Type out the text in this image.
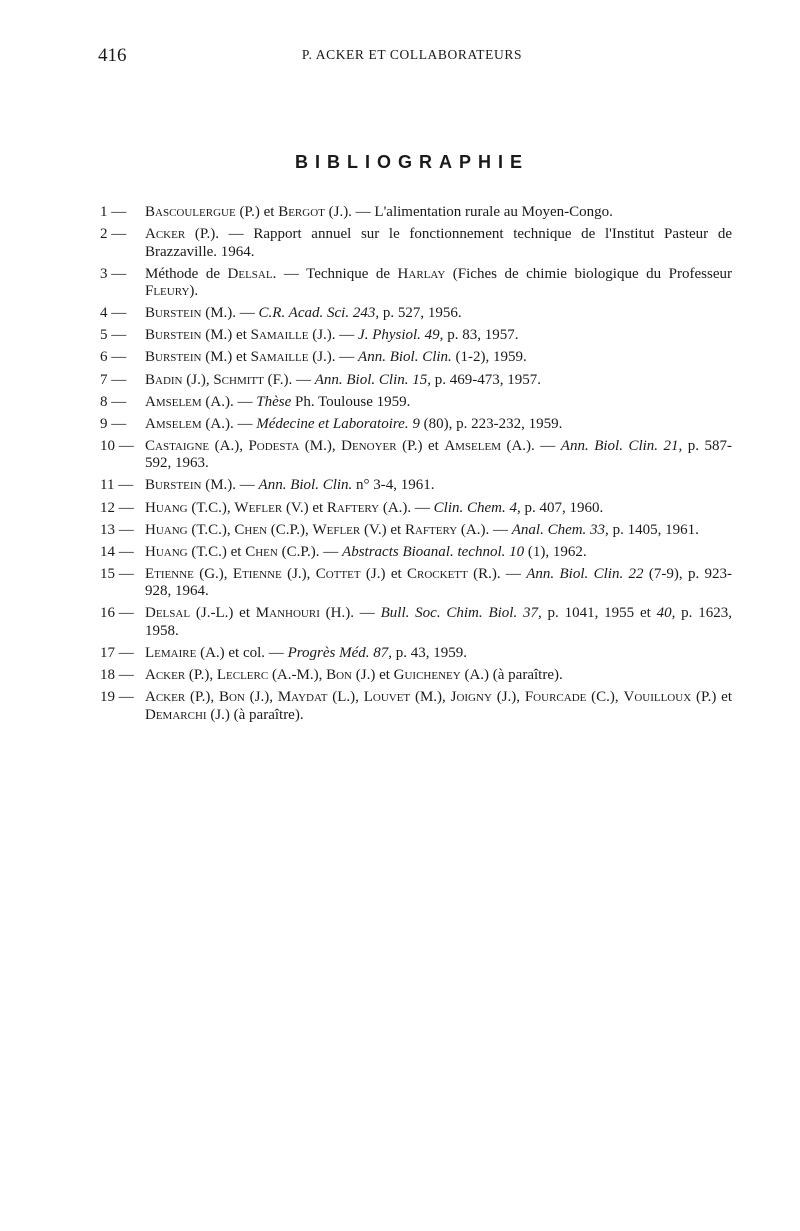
416	P. ACKER ET COLLABORATEURS
BIBLIOGRAPHIE
1 —	Bascoulergue (P.) et Bergot (J.). — L'alimentation rurale au Moyen-Congo.
2 —	Acker (P.). — Rapport annuel sur le fonctionnement technique de l'Institut Pasteur de Brazzaville. 1964.
3 —	Méthode de Delsal. — Technique de Harlay (Fiches de chimie biologique du Professeur Fleury).
4 —	Burstein (M.). — C.R. Acad. Sci. 243, p. 527, 1956.
5 —	Burstein (M.) et Samaille (J.). — J. Physiol. 49, p. 83, 1957.
6 —	Burstein (M.) et Samaille (J.). — Ann. Biol. Clin. (1-2), 1959.
7 —	Badin (J.), Schmitt (F.). — Ann. Biol. Clin. 15, p. 469-473, 1957.
8 —	Amselem (A.). — Thèse Ph. Toulouse 1959.
9 —	Amselem (A.). — Médecine et Laboratoire. 9 (80), p. 223-232, 1959.
10 — Castaigne (A.), Podesta (M.), Denoyer (P.) et Amselem (A.). — Ann. Biol. Clin. 21, p. 587-592, 1963.
11 — Burstein (M.). — Ann. Biol. Clin. n° 3-4, 1961.
12 — Huang (T.C.), Wefler (V.) et Raftery (A.). — Clin. Chem. 4, p. 407, 1960.
13 — Huang (T.C.), Chen (C.P.), Wefler (V.) et Raftery (A.). — Anal. Chem. 33, p. 1405, 1961.
14 — Huang (T.C.) et Chen (C.P.). — Abstracts Bioanal. technol. 10 (1), 1962.
15 — Etienne (G.), Etienne (J.), Cottet (J.) et Crockett (R.). — Ann. Biol. Clin. 22 (7-9), p. 923-928, 1964.
16 — Delsal (J.-L.) et Manhouri (H.). — Bull. Soc. Chim. Biol. 37, p. 1041, 1955 et 40, p. 1623, 1958.
17 — Lemaire (A.) et col. — Progrès Méd. 87, p. 43, 1959.
18 — Acker (P.), Leclerc (A.-M.), Bon (J.) et Guicheney (A.) (à paraître).
19 — Acker (P.), Bon (J.), Maydat (L.), Louvet (M.), Joigny (J.), Fourcade (C.), Vouilloux (P.) et Demarchi (J.) (à paraître).
